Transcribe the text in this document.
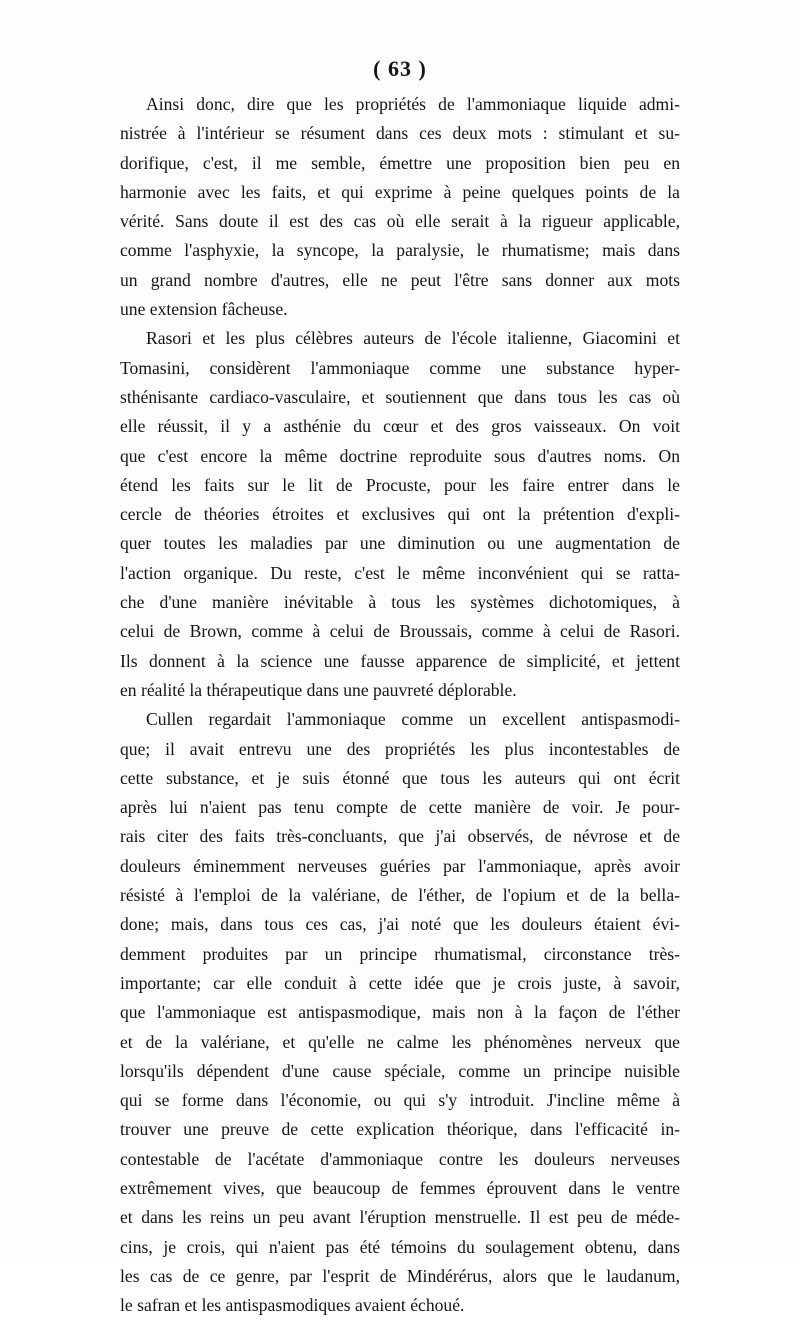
( 63 )
Ainsi donc, dire que les propriétés de l'ammoniaque liquide admi-
nistrée à l'intérieur se résument dans ces deux mots : stimulant et su-
dorifique, c'est, il me semble, émettre une proposition bien peu en
harmonie avec les faits, et qui exprime à peine quelques points de la
vérité. Sans doute il est des cas où elle serait à la rigueur applicable,
comme l'asphyxie, la syncope, la paralysie, le rhumatisme; mais dans
un grand nombre d'autres, elle ne peut l'être sans donner aux mots
une extension fâcheuse.
Rasori et les plus célèbres auteurs de l'école italienne, Giacomini et
Tomasini, considèrent l'ammoniaque comme une substance hyper-
sthénisante cardiaco-vasculaire, et soutiennent que dans tous les cas où
elle réussit, il y a asthénie du cœur et des gros vaisseaux. On voit
que c'est encore la même doctrine reproduite sous d'autres noms. On
étend les faits sur le lit de Procuste, pour les faire entrer dans le
cercle de théories étroites et exclusives qui ont la prétention d'expli-
quer toutes les maladies par une diminution ou une augmentation de
l'action organique. Du reste, c'est le même inconvénient qui se ratta-
che d'une manière inévitable à tous les systèmes dichotomiques, à
celui de Brown, comme à celui de Broussais, comme à celui de Rasori.
Ils donnent à la science une fausse apparence de simplicité, et jettent
en réalité la thérapeutique dans une pauvreté déplorable.
Cullen regardait l'ammoniaque comme un excellent antispasmodi-
que; il avait entrevu une des propriétés les plus incontestables de
cette substance, et je suis étonné que tous les auteurs qui ont écrit
après lui n'aient pas tenu compte de cette manière de voir. Je pour-
rais citer des faits très-concluants, que j'ai observés, de névrose et de
douleurs éminemment nerveuses guéries par l'ammoniaque, après avoir
résisté à l'emploi de la valériane, de l'éther, de l'opium et de la bella-
done; mais, dans tous ces cas, j'ai noté que les douleurs étaient évi-
demment produites par un principe rhumatismal, circonstance très-
importante; car elle conduit à cette idée que je crois juste, à savoir,
que l'ammoniaque est antispasmodique, mais non à la façon de l'éther
et de la valériane, et qu'elle ne calme les phénomènes nerveux que
lorsqu'ils dépendent d'une cause spéciale, comme un principe nuisible
qui se forme dans l'économie, ou qui s'y introduit. J'incline même à
trouver une preuve de cette explication théorique, dans l'efficacité in-
contestable de l'acétate d'ammoniaque contre les douleurs nerveuses
extrêmement vives, que beaucoup de femmes éprouvent dans le ventre
et dans les reins un peu avant l'éruption menstruelle. Il est peu de méde-
cins, je crois, qui n'aient pas été témoins du soulagement obtenu, dans
les cas de ce genre, par l'esprit de Mindérérus, alors que le laudanum,
le safran et les antispasmodiques avaient échoué.
